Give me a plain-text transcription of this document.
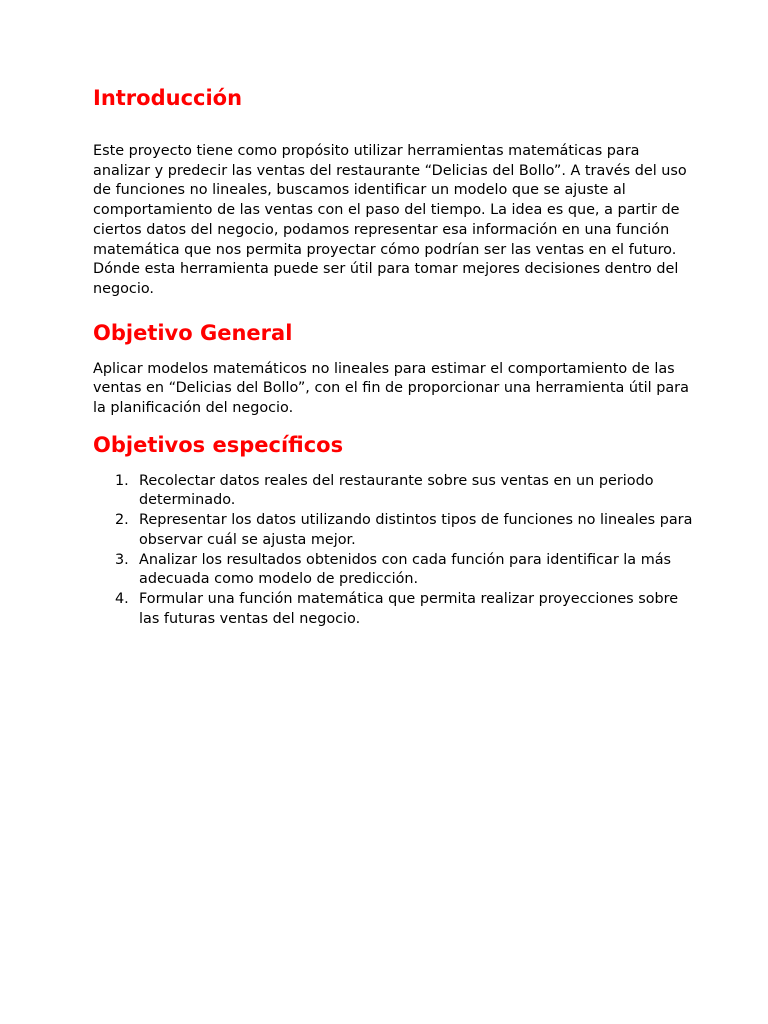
Introducción

Este proyecto tiene como propósito utilizar herramientas matemáticas para analizar y predecir las ventas del restaurante “Delicias del Bollo”. A través del uso de funciones no lineales, buscamos identificar un modelo que se ajuste al comportamiento de las ventas con el paso del tiempo. La idea es que, a partir de ciertos datos del negocio, podamos representar esa información en una función matemática que nos permita proyectar cómo podrían ser las ventas en el futuro. Dónde esta herramienta puede ser útil para tomar mejores decisiones dentro del negocio.

Objetivo General

Aplicar modelos matemáticos no lineales para estimar el comportamiento de las ventas en “Delicias del Bollo”, con el fin de proporcionar una herramienta útil para la planificación del negocio.

Objetivos específicos
1. Recolectar datos reales del restaurante sobre sus ventas en un periodo determinado.
2. Representar los datos utilizando distintos tipos de funciones no lineales para observar cuál se ajusta mejor.
3. Analizar los resultados obtenidos con cada función para identificar la más adecuada como modelo de predicción.
4. Formular una función matemática que permita realizar proyecciones sobre las futuras ventas del negocio.
